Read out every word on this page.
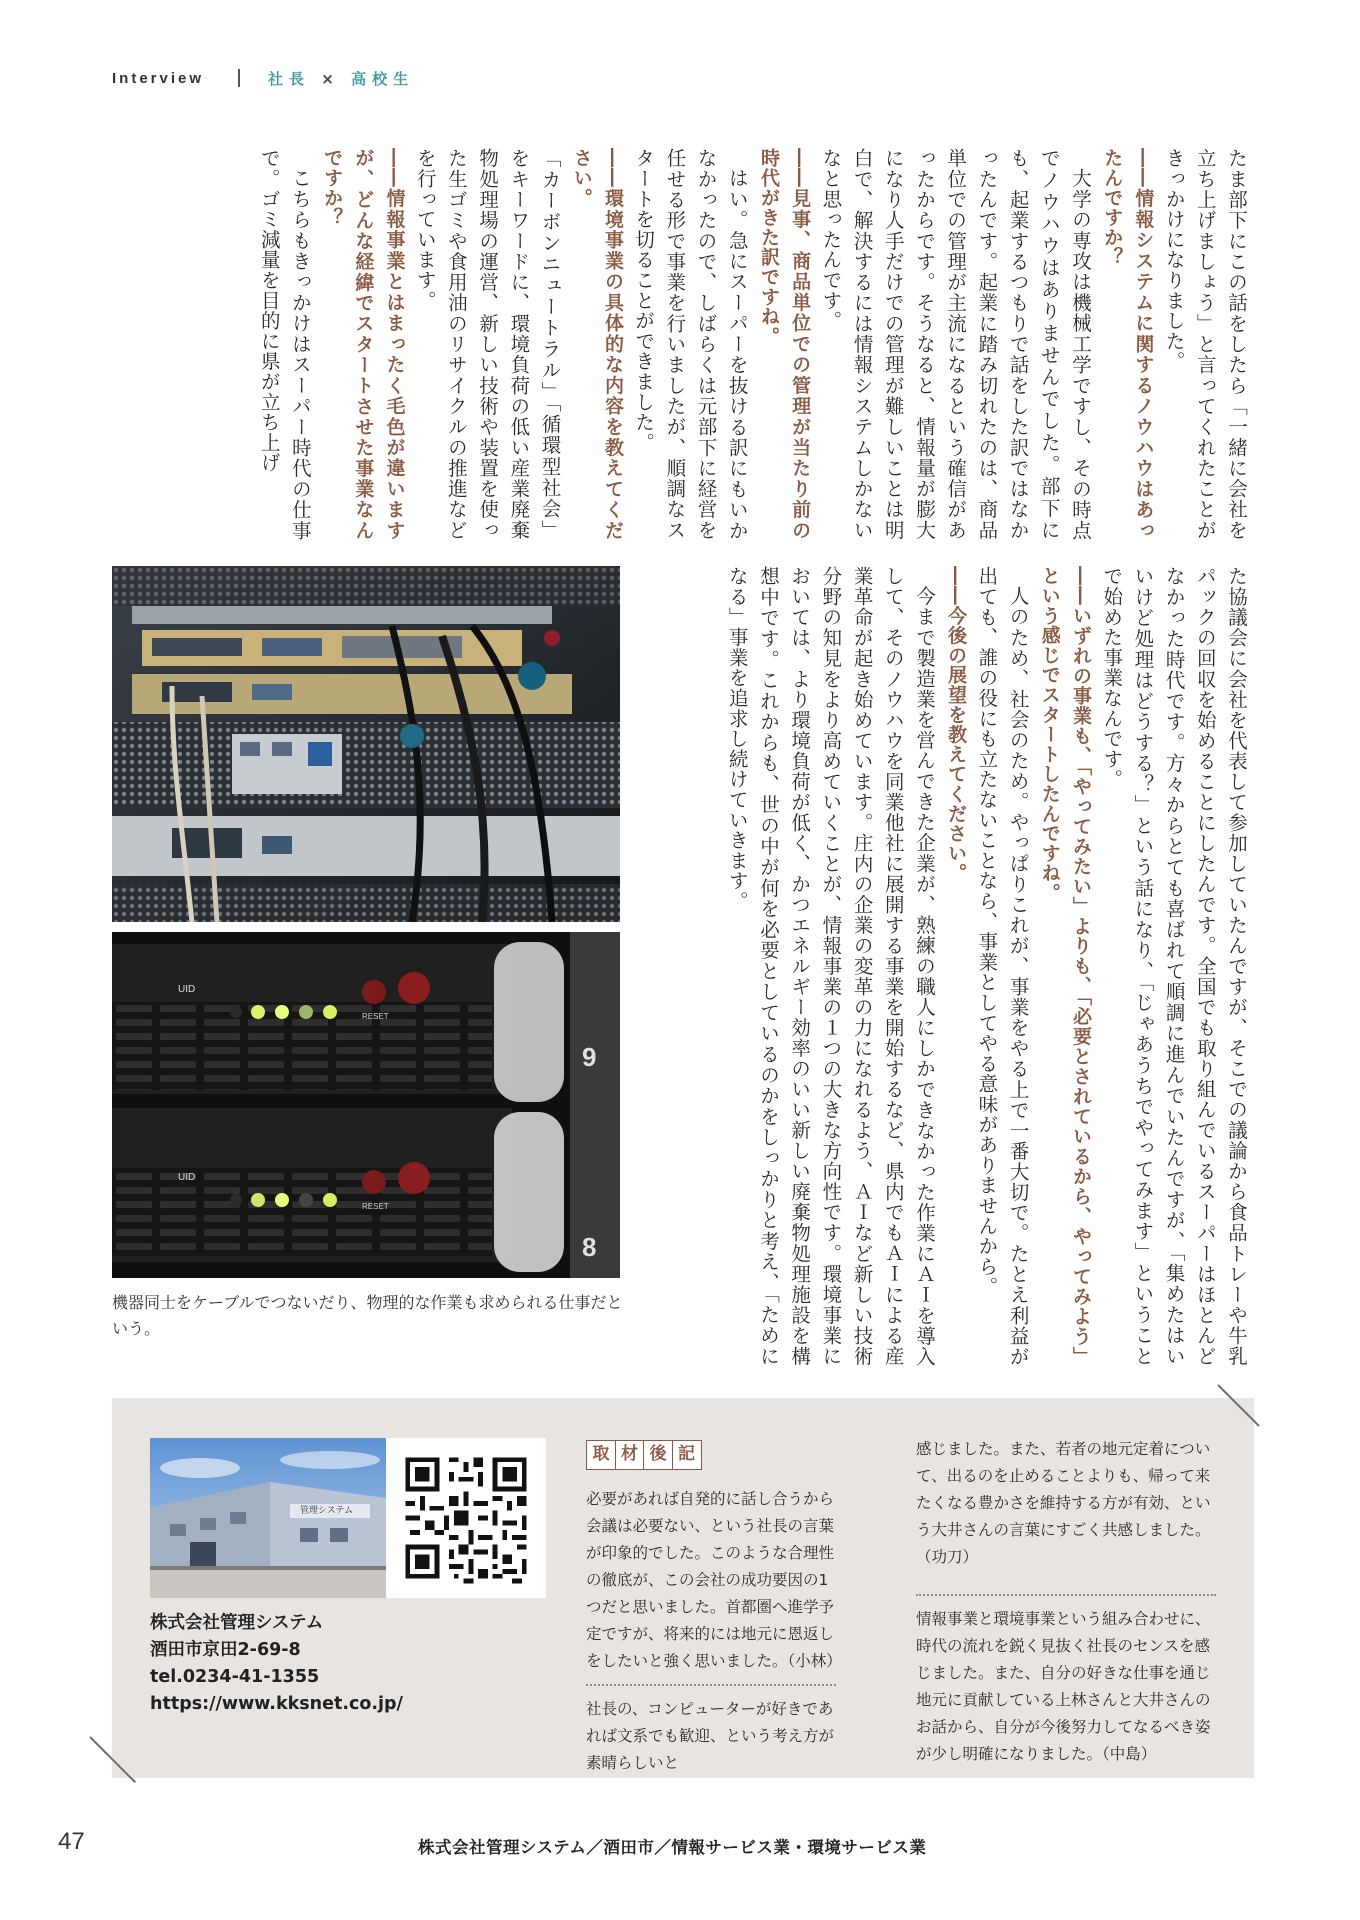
Interview	社長 × 高校生

たま部下にこの話をしたら「一緒に会社を立ち上げましょう」と言ってくれたことがきっかけになりました。

――情報システムに関するノウハウはあったんですか？

大学の専攻は機械工学ですし、その時点でノウハウはありませんでした。部下にも、起業するつもりで話をした訳ではなかったんです。起業に踏み切れたのは、商品単位での管理が主流になるという確信があったからです。そうなると、情報量が膨大になり人手だけでの管理が難しいことは明白で、解決するには情報システムしかないなと思ったんです。

――見事、商品単位での管理が当たり前の時代がきた訳ですね。

はい。急にスーパーを抜ける訳にもいかなかったので、しばらくは元部下に経営を任せる形で事業を行いましたが、順調なスタートを切ることができました。

――環境事業の具体的な内容を教えてください。

「カーボンニュートラル」「循環型社会」をキーワードに、環境負荷の低い産業廃棄物処理場の運営、新しい技術や装置を使った生ゴミや食用油のリサイクルの推進などを行っています。

――情報事業とはまったく毛色が違いますが、どんな経緯でスタートさせた事業なんですか？

こちらもきっかけはスーパー時代の仕事で。ゴミ減量を目的に県が立ち上げ

た協議会に会社を代表して参加していたんですが、そこでの議論から食品トレーや牛乳パックの回収を始めることにしたんです。全国でも取り組んでいるスーパーはほとんどなかった時代です。方々からとても喜ばれて順調に進んでいたんですが、「集めたはいいけど処理はどうする？」という話になり、「じゃあうちでやってみます」ということで始めた事業なんです。

――いずれの事業も、「やってみたい」よりも、「必要とされているから、やってみよう」という感じでスタートしたんですね。

人のため、社会のため。やっぱりこれが、事業をやる上で一番大切で。たとえ利益が出ても、誰の役にも立たないことなら、事業としてやる意味がありませんから。

――今後の展望を教えてください。

今まで製造業を営んできた企業が、熟練の職人にしかできなかった作業にＡＩを導入して、そのノウハウを同業他社に展開する事業を開始するなど、県内でもＡＩによる産業革命が起き始めています。庄内の企業の変革の力になれるよう、ＡＩなど新しい技術分野の知見をより高めていくことが、情報事業の１つの大きな方向性です。環境事業においては、より環境負荷が低く、かつエネルギー効率のいい新しい廃棄物処理施設を構想中です。これからも、世の中が何を必要としているのかをしっかりと考え、「ために なる」事業を追求し続けていきます。

UID
RESET
UID
RESET
9
8
機器同士をケーブルでつないだり、物理的な作業も求められる仕事だという。
管理システム
株式会社管理システム
酒田市京田2-69-8
tel.0234-41-1355
https://www.kksnet.co.jp/
取 材 後 記
必要があれば自発的に話し合うから会議は必要ない、という社長の言葉が印象的でした。このような合理性の徹底が、この会社の成功要因の1つだと思いました。首都圏へ進学予定ですが、将来的には地元に恩返しをしたいと強く思いました。（小林）
社長の、コンピューターが好きであれば文系でも歓迎、という考え方が素晴らしいと
感じました。また、若者の地元定着について、出るのを止めることよりも、帰って来たくなる豊かさを維持する方が有効、という大井さんの言葉にすごく共感しました。（功刀）
情報事業と環境事業という組み合わせに、時代の流れを鋭く見抜く社長のセンスを感じました。また、自分の好きな仕事を通じ地元に貢献している上林さんと大井さんのお話から、自分が今後努力してなるべき姿が少し明確になりました。（中島）
47	株式会社管理システム／酒田市／情報サービス業・環境サービス業
